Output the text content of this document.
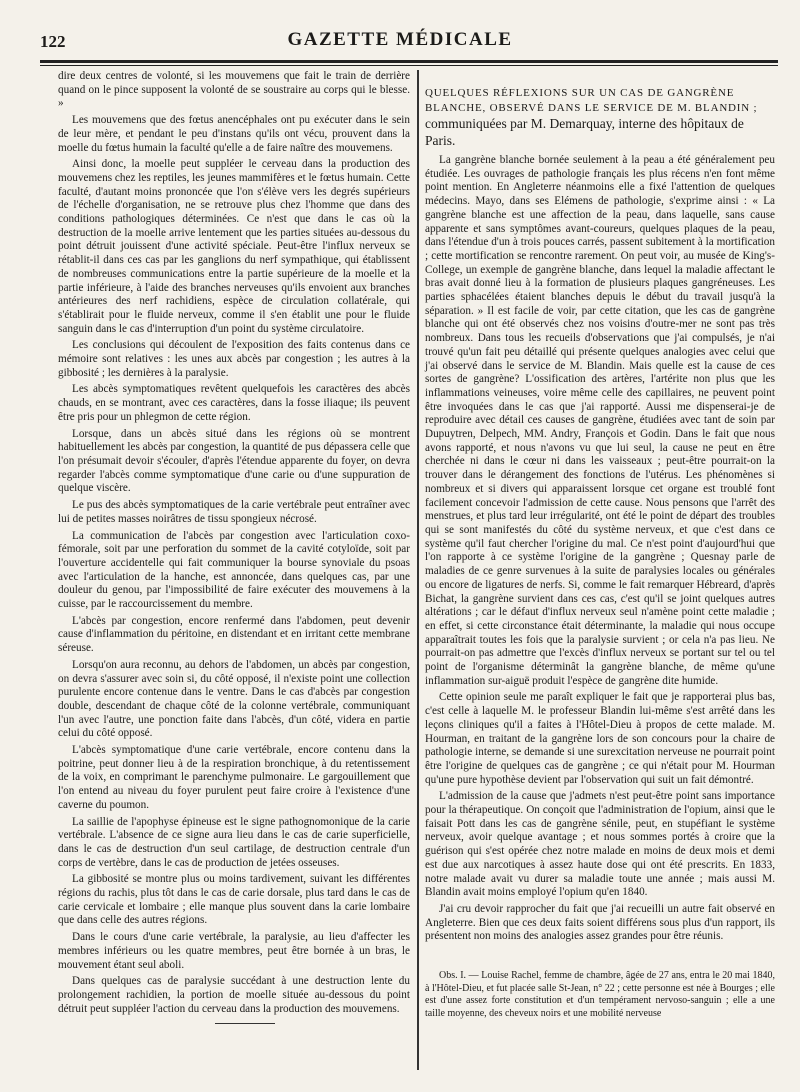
122	GAZETTE MÉDICALE

dire deux centres de volonté, si les mouvemens que fait le train de derrière quand on le pince supposent la volonté de se soustraire au corps qui le blesse. »

Les mouvemens que des fœtus anencéphales ont pu exécuter dans le sein de leur mère, et pendant le peu d'instans qu'ils ont vécu, prouvent dans la moelle du fœtus humain la faculté qu'elle a de faire naître des mouvemens.

Ainsi donc, la moelle peut suppléer le cerveau dans la production des mouvemens chez les reptiles, les jeunes mammifères et le fœtus humain. Cette faculté, d'autant moins prononcée que l'on s'élève vers les degrés supérieurs de l'échelle d'organisation, ne se retrouve plus chez l'homme que dans des conditions pathologiques déterminées. Ce n'est que dans le cas où la destruction de la moelle arrive lentement que les parties situées au-dessous du point détruit jouissent d'une activité spéciale. Peut-être l'influx nerveux se rétablit-il dans ces cas par les ganglions du nerf sympathique, qui établissent de nombreuses communications entre la partie supérieure de la moelle et la partie inférieure, à l'aide des branches nerveuses qu'ils envoient aux branches antérieures des nerf rachidiens, espèce de circulation collatérale, qui s'établirait pour le fluide nerveux, comme il s'en établit une pour le fluide sanguin dans le cas d'interruption d'un point du système circulatoire.

Les conclusions qui découlent de l'exposition des faits contenus dans ce mémoire sont relatives : les unes aux abcès par congestion ; les autres à la gibbosité ; les dernières à la paralysie.

Les abcès symptomatiques revêtent quelquefois les caractères des abcès chauds, en se montrant, avec ces caractères, dans la fosse iliaque; ils peuvent être pris pour un phlegmon de cette région.

Lorsque, dans un abcès situé dans les régions où se montrent habituellement les abcès par congestion, la quantité de pus dépassera celle que l'on présumait devoir s'écouler, d'après l'étendue apparente du foyer, on devra regarder l'abcès comme symptomatique d'une carie ou d'une suppuration de quelque viscère.

Le pus des abcès symptomatiques de la carie vertébrale peut entraîner avec lui de petites masses noirâtres de tissu spongieux nécrosé.

La communication de l'abcès par congestion avec l'articulation coxo-fémorale, soit par une perforation du sommet de la cavité cotyloïde, soit par l'ouverture accidentelle qui fait communiquer la bourse synoviale du psoas avec l'articulation de la hanche, est annoncée, dans quelques cas, par une douleur du genou, par l'impossibilité de faire exécuter des mouvemens à la cuisse, par le raccourcissement du membre.

L'abcès par congestion, encore renfermé dans l'abdomen, peut devenir cause d'inflammation du péritoine, en distendant et en irritant cette membrane séreuse.

Lorsqu'on aura reconnu, au dehors de l'abdomen, un abcès par congestion, on devra s'assurer avec soin si, du côté opposé, il n'existe point une collection purulente encore contenue dans le ventre. Dans le cas d'abcès par congestion double, descendant de chaque côté de la colonne vertébrale, communiquant l'un avec l'autre, une ponction faite dans l'abcès, d'un côté, videra en partie celui du côté opposé.

L'abcès symptomatique d'une carie vertébrale, encore contenu dans la poitrine, peut donner lieu à de la respiration bronchique, à du retentissement de la voix, en comprimant le parenchyme pulmonaire. Le gargouillement que l'on entend au niveau du foyer purulent peut faire croire à l'existence d'une caverne du poumon.

La saillie de l'apophyse épineuse est le signe pathognomonique de la carie vertébrale. L'absence de ce signe aura lieu dans le cas de carie superficielle, dans le cas de destruction d'un seul cartilage, de destruction centrale d'un corps de vertèbre, dans le cas de production de jetées osseuses.

La gibbosité se montre plus ou moins tardivement, suivant les différentes régions du rachis, plus tôt dans le cas de carie dorsale, plus tard dans le cas de carie cervicale et lombaire ; elle manque plus souvent dans la carie lombaire que dans celle des autres régions.

Dans le cours d'une carie vertébrale, la paralysie, au lieu d'affecter les membres inférieurs ou les quatre membres, peut être bornée à un bras, le mouvement étant seul aboli.

Dans quelques cas de paralysie succédant à une destruction lente du prolongement rachidien, la portion de moelle située au-dessous du point détruit peut suppléer l'action du cerveau dans la production des mouvemens.

QUELQUES RÉFLEXIONS SUR UN CAS DE GANGRÈNE BLANCHE, OBSERVÉ DANS LE SERVICE DE M. BLANDIN ; communiquées par M. Demarquay, interne des hôpitaux de Paris.

La gangrène blanche bornée seulement à la peau a été généralement peu étudiée. Les ouvrages de pathologie français les plus récens n'en font même point mention. En Angleterre néanmoins elle a fixé l'attention de quelques médecins. Mayo, dans ses Elémens de pathologie, s'exprime ainsi : « La gangrène blanche est une affection de la peau, dans laquelle, sans cause apparente et sans symptômes avant-coureurs, quelques plaques de la peau, dans l'étendue d'un à trois pouces carrés, passent subitement à la mortification ; cette mortification se rencontre rarement. On peut voir, au musée de King's-College, un exemple de gangrène blanche, dans lequel la maladie affectant le bras avait donné lieu à la formation de plusieurs plaques gangréneuses. Les parties sphacélées étaient blanches depuis le début du travail jusqu'à la séparation. » Il est facile de voir, par cette citation, que les cas de gangrène blanche qui ont été observés chez nos voisins d'outre-mer ne sont pas très nombreux. Dans tous les recueils d'observations que j'ai compulsés, je n'ai trouvé qu'un fait peu détaillé qui présente quelques analogies avec celui que j'ai observé dans le service de M. Blandin. Mais quelle est la cause de ces sortes de gangrène? L'ossification des artères, l'artérite non plus que les inflammations veineuses, voire même celle des capillaires, ne peuvent point être invoquées dans le cas que j'ai rapporté. Aussi me dispenserai-je de reproduire avec détail ces causes de gangrène, étudiées avec tant de soin par Dupuytren, Delpech, MM. Andry, François et Godin. Dans le fait que nous avons rapporté, et nous n'avons vu que lui seul, la cause ne peut en être cherchée ni dans le cœur ni dans les vaisseaux ; peut-être pourrait-on la trouver dans le dérangement des fonctions de l'utérus. Les phénomènes si nombreux et si divers qui apparaissent lorsque cet organe est troublé font facilement concevoir l'admission de cette cause. Nous pensons que l'arrêt des menstrues, et plus tard leur irrégularité, ont été le point de départ des troubles qui se sont manifestés du côté du système nerveux, et que c'est dans ce système qu'il faut chercher l'origine du mal. Ce n'est point d'aujourd'hui que l'on rapporte à ce système l'origine de la gangrène ; Quesnay parle de maladies de ce genre survenues à la suite de paralysies locales ou générales ou encore de ligatures de nerfs. Si, comme le fait remarquer Hébreard, d'après Bichat, la gangrène survient dans ces cas, c'est qu'il se joint quelques autres altérations ; car le défaut d'influx nerveux seul n'amène point cette maladie ; en effet, si cette circonstance était déterminante, la maladie qui nous occupe apparaîtrait toutes les fois que la paralysie survient ; or cela n'a pas lieu. Ne pourrait-on pas admettre que l'excès d'influx nerveux se portant sur tel ou tel point de l'organisme déterminât la gangrène blanche, de même qu'une inflammation sur-aiguë produit l'espèce de gangrène dite humide.

Cette opinion seule me paraît expliquer le fait que je rapporterai plus bas, c'est celle à laquelle M. le professeur Blandin lui-même s'est arrêté dans les leçons cliniques qu'il a faites à l'Hôtel-Dieu à propos de cette malade. M. Hourman, en traitant de la gangrène lors de son concours pour la chaire de pathologie interne, se demande si une surexcitation nerveuse ne pourrait point être l'origine de quelques cas de gangrène ; ce qui n'était pour M. Hourman qu'une pure hypothèse devient par l'observation qui suit un fait démontré.

L'admission de la cause que j'admets n'est peut-être point sans importance pour la thérapeutique. On conçoit que l'administration de l'opium, ainsi que le faisait Pott dans les cas de gangrène sénile, peut, en stupéfiant le système nerveux, avoir quelque avantage ; et nous sommes portés à croire que la guérison qui s'est opérée chez notre malade en moins de deux mois et demi est due aux narcotiques à assez haute dose qui ont été prescrits. En 1833, notre malade avait vu durer sa maladie toute une année ; mais aussi M. Blandin avait moins employé l'opium qu'en 1840.

J'ai cru devoir rapprocher du fait que j'ai recueilli un autre fait observé en Angleterre. Bien que ces deux faits soient différens sous plus d'un rapport, ils présentent non moins des analogies assez grandes pour être réunis.

Obs. I. — Louise Rachel, femme de chambre, âgée de 27 ans, entra le 20 mai 1840, à l'Hôtel-Dieu, et fut placée salle St-Jean, n° 22 ; cette personne est née à Bourges ; elle est d'une assez forte constitution et d'un tempérament nervoso-sanguin ; elle a une taille moyenne, des cheveux noirs et une mobilité nerveuse
